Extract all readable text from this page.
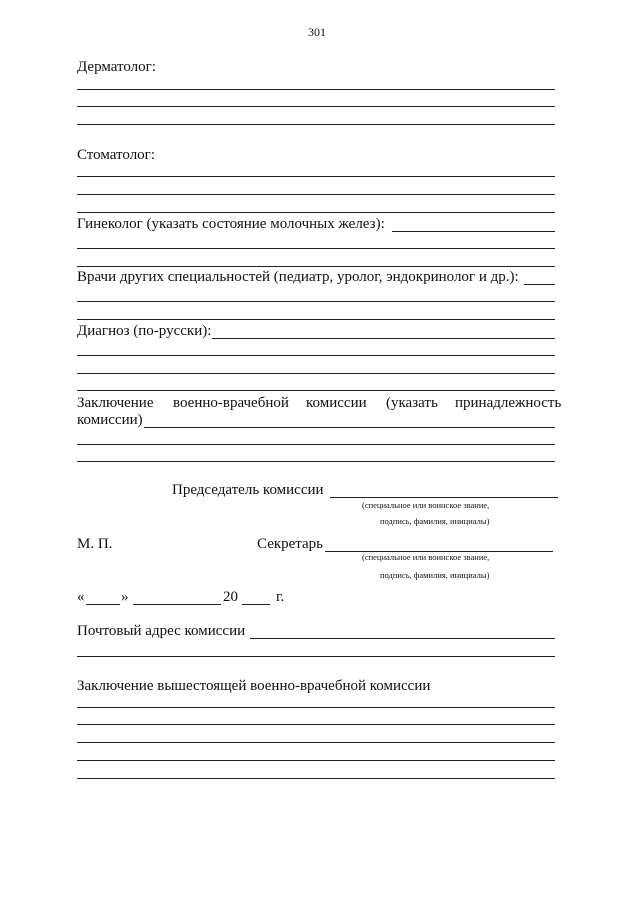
301
Дерматолог:
Стоматолог:
Гинеколог (указать состояние молочных желез):
Врачи других специальностей (педиатр, уролог, эндокринолог и др.):
Диагноз (по-русски):
Заключение военно-врачебной комиссии (указать принадлежность
комиссии)
Председатель комиссии
(специальное или воинское звание,
подпись, фамилия, инициалы)
М. П.	Секретарь
(специальное или воинское звание,
подпись, фамилия, инициалы)
« »	20	г.
Почтовый адрес комиссии
Заключение вышестоящей военно-врачебной комиссии
